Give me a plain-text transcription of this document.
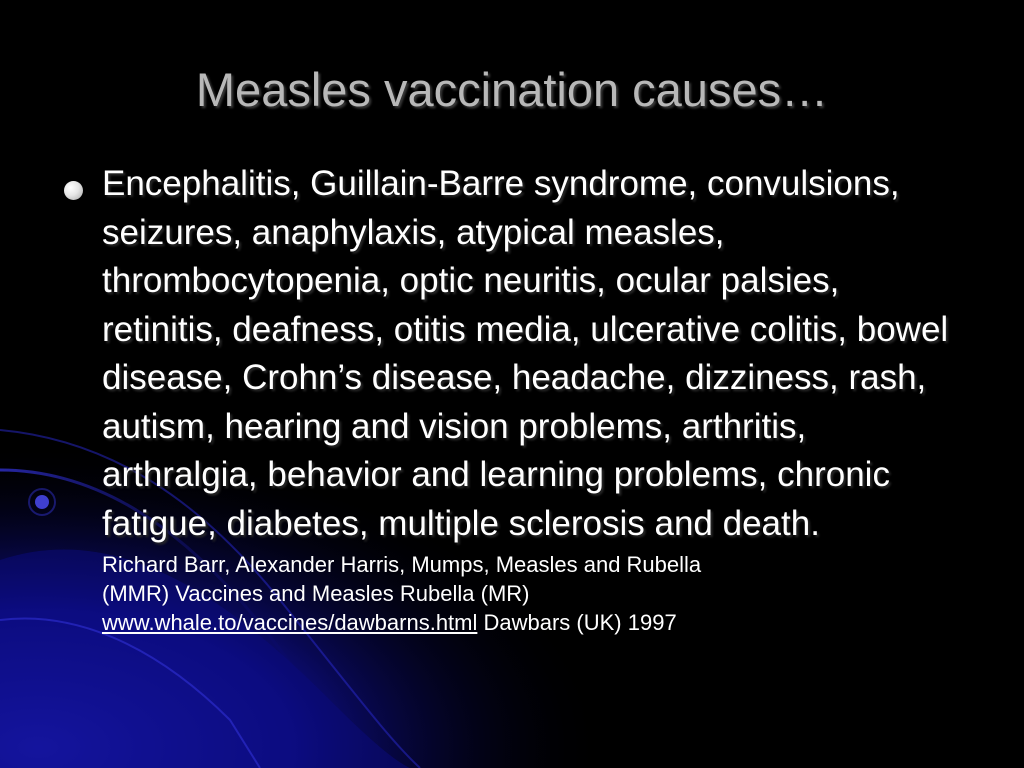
Measles vaccination causes…
Encephalitis, Guillain-Barre syndrome, convulsions, seizures, anaphylaxis, atypical measles, thrombocytopenia, optic neuritis, ocular palsies, retinitis, deafness, otitis media, ulcerative colitis, bowel disease, Crohn’s disease, headache, dizziness, rash, autism, hearing and vision problems, arthritis, arthralgia, behavior and learning problems, chronic fatigue, diabetes, multiple sclerosis and death.
Richard Barr, Alexander Harris, Mumps, Measles and Rubella
(MMR) Vaccines and Measles Rubella (MR)
www.whale.to/vaccines/dawbarns.html Dawbars (UK) 1997
